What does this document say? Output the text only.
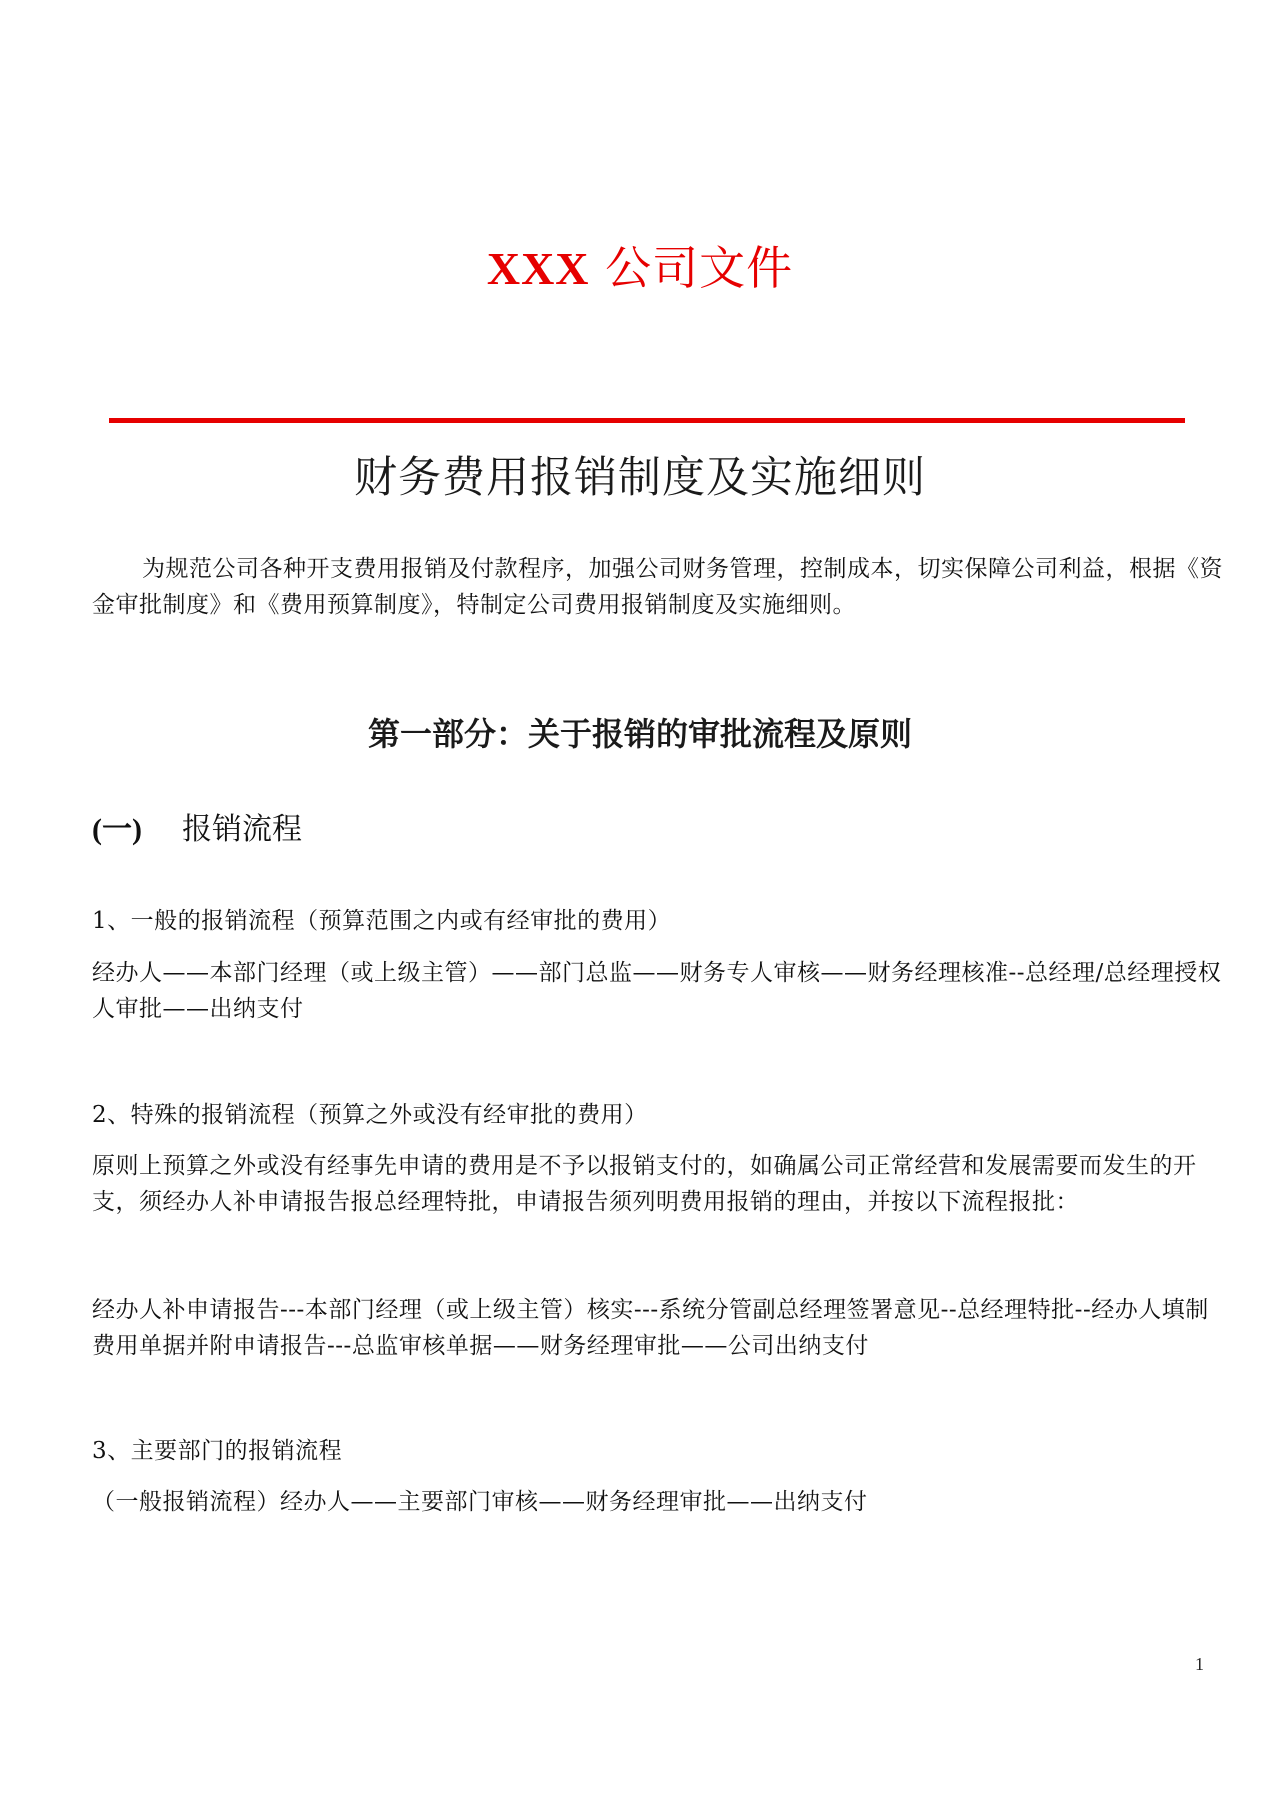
XXX 公司文件
财务费用报销制度及实施细则
为规范公司各种开支费用报销及付款程序，加强公司财务管理，控制成本，切实保障公司利益，根据《资金审批制度》和《费用预算制度》，特制定公司费用报销制度及实施细则。
第一部分：关于报销的审批流程及原则
(一) 报销流程
1、一般的报销流程（预算范围之内或有经审批的费用）
经办人——本部门经理（或上级主管）——部门总监——财务专人审核——财务经理核准--总经理/总经理授权人审批——出纳支付
2、特殊的报销流程（预算之外或没有经审批的费用）
原则上预算之外或没有经事先申请的费用是不予以报销支付的，如确属公司正常经营和发展需要而发生的开支，须经办人补申请报告报总经理特批，申请报告须列明费用报销的理由，并按以下流程报批：
经办人补申请报告---本部门经理（或上级主管）核实---系统分管副总经理签署意见--总经理特批--经办人填制费用单据并附申请报告---总监审核单据——财务经理审批——公司出纳支付
3、主要部门的报销流程
（一般报销流程）经办人——主要部门审核——财务经理审批——出纳支付
1
